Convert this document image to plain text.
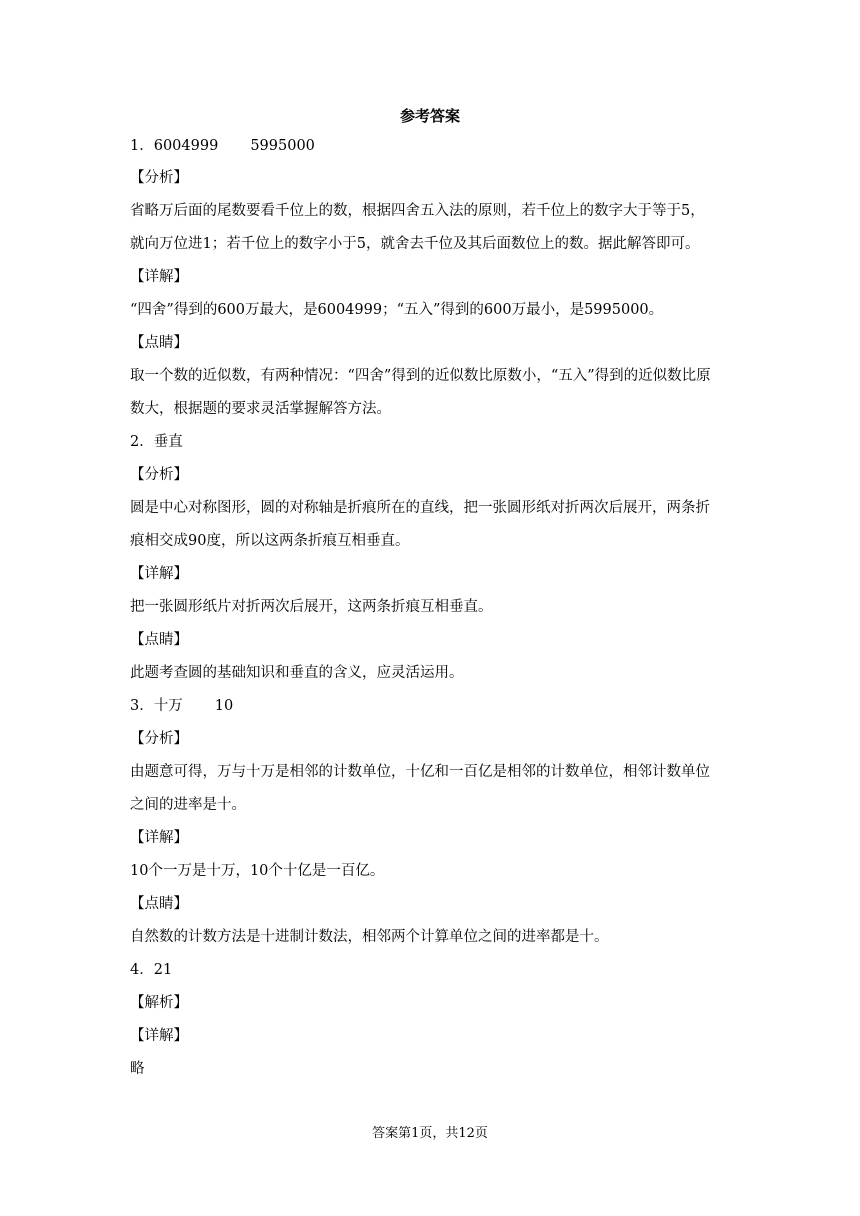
参考答案
1．6004999 5995000
【分析】
省略万后面的尾数要看千位上的数，根据四舍五入法的原则，若千位上的数字大于等于5，
就向万位进1；若千位上的数字小于5，就舍去千位及其后面数位上的数。据此解答即可。
【详解】
“四舍”得到的600万最大，是6004999；“五入”得到的600万最小，是5995000。
【点睛】
取一个数的近似数，有两种情况：“四舍”得到的近似数比原数小，“五入”得到的近似数比原
数大，根据题的要求灵活掌握解答方法。
2．垂直
【分析】
圆是中心对称图形，圆的对称轴是折痕所在的直线，把一张圆形纸对折两次后展开，两条折
痕相交成90度，所以这两条折痕互相垂直。
【详解】
把一张圆形纸片对折两次后展开，这两条折痕互相垂直。
【点睛】
此题考查圆的基础知识和垂直的含义，应灵活运用。
3．十万 10
【分析】
由题意可得，万与十万是相邻的计数单位，十亿和一百亿是相邻的计数单位，相邻计数单位
之间的进率是十。
【详解】
10个一万是十万，10个十亿是一百亿。
【点睛】
自然数的计数方法是十进制计数法，相邻两个计算单位之间的进率都是十。
4．21
【解析】
【详解】
略
答案第1页，共12页
